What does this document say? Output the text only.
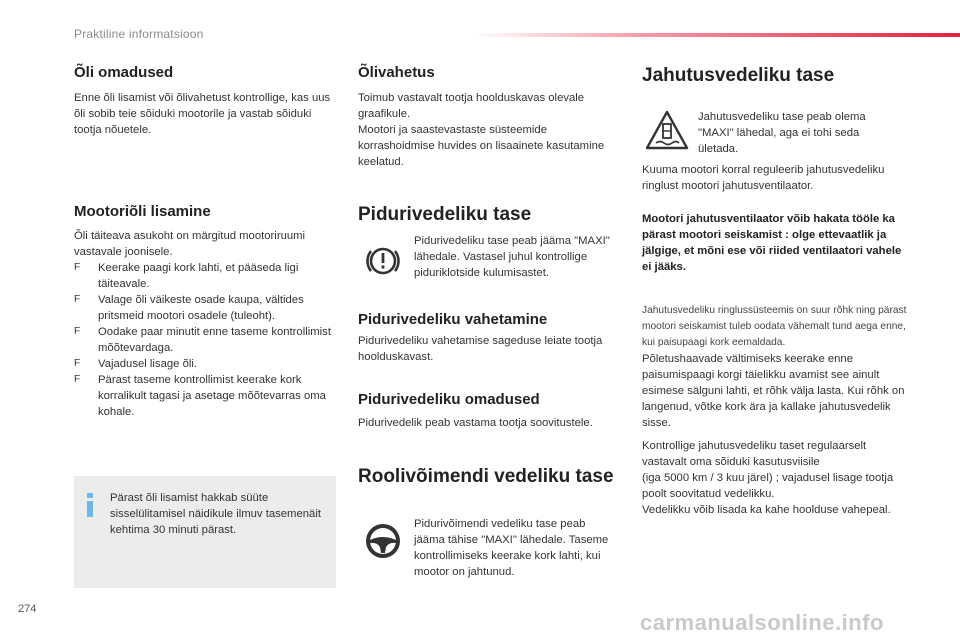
Praktiline informatsioon
Õli omadused
Enne õli lisamist või õlivahetust kontrollige, kas uus õli sobib teie sõiduki mootorile ja vastab sõiduki tootja nõuetele.
Mootoriõli lisamine
Õli täiteava asukoht on märgitud mootoriruumi vastavale joonisele.
F Keerake paagi kork lahti, et pääseda ligi täiteavale.
F Valage õli väikeste osade kaupa, vältides pritsmeid mootori osadele (tuleoht).
F Oodake paar minutit enne taseme kontrollimist mõõtevardaga.
F Vajadusel lisage õli.
F Pärast taseme kontrollimist keerake kork korralikult tagasi ja asetage mõõtevarras oma kohale.
Pärast õli lisamist hakkab süüte sisselülitamisel näidikule ilmuv tasemenäit kehtima 30 minuti pärast.
Õlivahetus
Toimub vastavalt tootja hoolduskavas olevale graafikule.
Mootori ja saastevastaste süsteemide korrashoidmise huvides on lisaainete kasutamine keelatud.
Pidurivedeliku tase
Pidurivedeliku tase peab jääma "MAXI" lähedale. Vastasel juhul kontrollige piduriklotside kulumisastet.
Pidurivedeliku vahetamine
Pidurivedeliku vahetamise sageduse leiate tootja hoolduskavast.
Pidurivedeliku omadused
Pidurivedelik peab vastama tootja soovitustele.
Roolivõimendi vedeliku tase
Pidurivõimendi vedeliku tase peab jääma tähise "MAXI" lähedale. Taseme kontrollimiseks keerake kork lahti, kui mootor on jahtunud.
Jahutusvedeliku tase
Jahutusvedeliku tase peab olema "MAXI" lähedal, aga ei tohi seda ületada.
Kuuma mootori korral reguleerib jahutusvedeliku ringlust mootori jahutusventilaator.
Mootori jahutusventilaator võib hakata tööle ka pärast mootori seiskamist : olge ettevaatlik ja jälgige, et mõni ese või riided ventilaatori vahele ei jääks.
Jahutusvedeliku ringlussüsteemis on suur rõhk ning pärast mootori seiskamist tuleb oodata vähemalt tund aega enne, kui paisupaagi kork eemaldada.
Põletushaavade vältimiseks keerake enne paisumispaagi korgi täielikku avamist see ainult esimese sälguni lahti, et rõhk välja lasta. Kui rõhk on langenud, võtke kork ära ja kallake jahutusvedelik sisse.
Kontrollige jahutusvedeliku taset regulaarselt vastavalt oma sõiduki kasutusviisile
(iga 5000 km / 3 kuu järel) ; vajadusel lisage tootja poolt soovitatud vedelikku.
Vedelikku võib lisada ka kahe hoolduse vahepeal.
274
carmanualsonline.info
